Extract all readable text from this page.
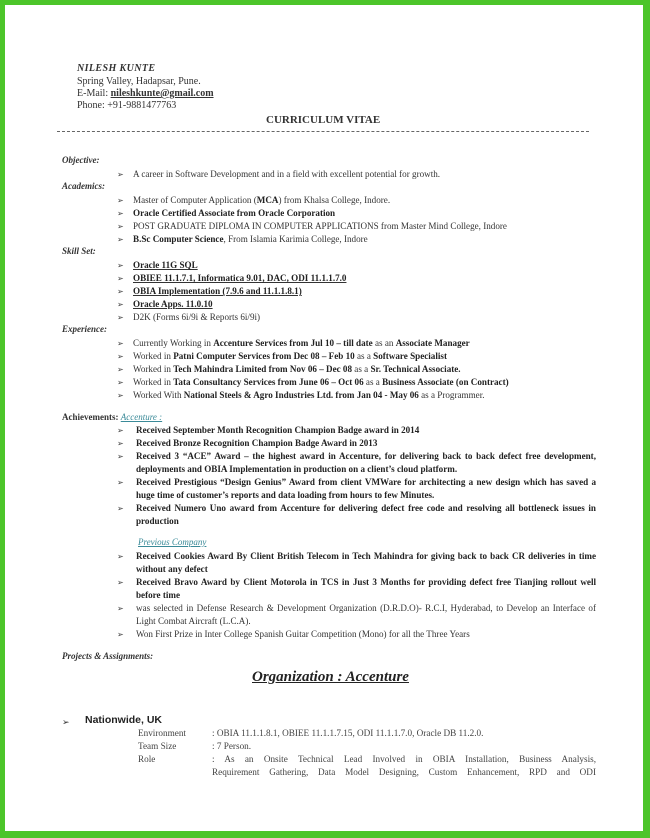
NILESH KUNTE
Spring Valley, Hadapsar, Pune.
E-Mail: nileshkunte@gmail.com
Phone: +91-9881477763
CURRICULUM VITAE
Objective:
➢ A career in Software Development and in a field with excellent potential for growth.
Academics:
➢ Master of Computer Application (MCA) from Khalsa College, Indore.
➢ Oracle Certified Associate from Oracle Corporation
➢ POST GRADUATE DIPLOMA IN COMPUTER APPLICATIONS from Master Mind College, Indore
➢ B.Sc Computer Science, From Islamia Karimia College, Indore
Skill Set:
➢ Oracle 11G SQL
➢ OBIEE 11.1.7.1, Informatica 9.01, DAC, ODI 11.1.1.7.0
➢ OBIA Implementation (7.9.6 and 11.1.1.8.1)
➢ Oracle Apps. 11.0.10
➢ D2K (Forms 6i/9i & Reports 6i/9i)
Experience:
➢ Currently Working in Accenture Services from Jul 10 – till date as an Associate Manager
➢ Worked in Patni Computer Services from Dec 08 – Feb 10 as a Software Specialist
➢ Worked in Tech Mahindra Limited from Nov 06 – Dec 08 as a Sr. Technical Associate.
➢ Worked in Tata Consultancy Services from June 06 – Oct 06 as a Business Associate (on Contract)
➢ Worked With National Steels & Agro Industries Ltd. from Jan 04 - May 06 as a Programmer.
Achievements: Accenture :
➢ Received September Month Recognition Champion Badge award in 2014
➢ Received Bronze Recognition Champion Badge Award in 2013
➢ Received 3 “ACE” Award – the highest award in Accenture, for delivering back to back defect free development, deployments and OBIA Implementation in production on a client’s cloud platform.
➢ Received Prestigious “Design Genius” Award from client VMWare for architecting a new design which has saved a huge time of customer’s reports and data loading from hours to few Minutes.
➢ Received Numero Uno award from Accenture for delivering defect free code and resolving all bottleneck issues in production
Previous Company
➢ Received Cookies Award By Client British Telecom in Tech Mahindra for giving back to back CR deliveries in time without any defect
➢ Received Bravo Award by Client Motorola in TCS in Just 3 Months for providing defect free Tianjing rollout well before time
➢ was selected in Defense Research & Development Organization (D.R.D.O)- R.C.I, Hyderabad, to Develop an Interface of Light Combat Aircraft (L.C.A).
➢ Won First Prize in Inter College Spanish Guitar Competition (Mono) for all the Three Years
Projects & Assignments:
Organization : Accenture
➢ Nationwide, UK
Environment	: OBIA 11.1.1.8.1, OBIEE 11.1.1.7.15, ODI 11.1.1.7.0, Oracle DB 11.2.0.
Team Size	: 7 Person.
Role	: As an Onsite Technical Lead Involved in OBIA Installation, Business Analysis,
Requirement Gathering, Data Model Designing, Custom Enhancement, RPD and ODI
